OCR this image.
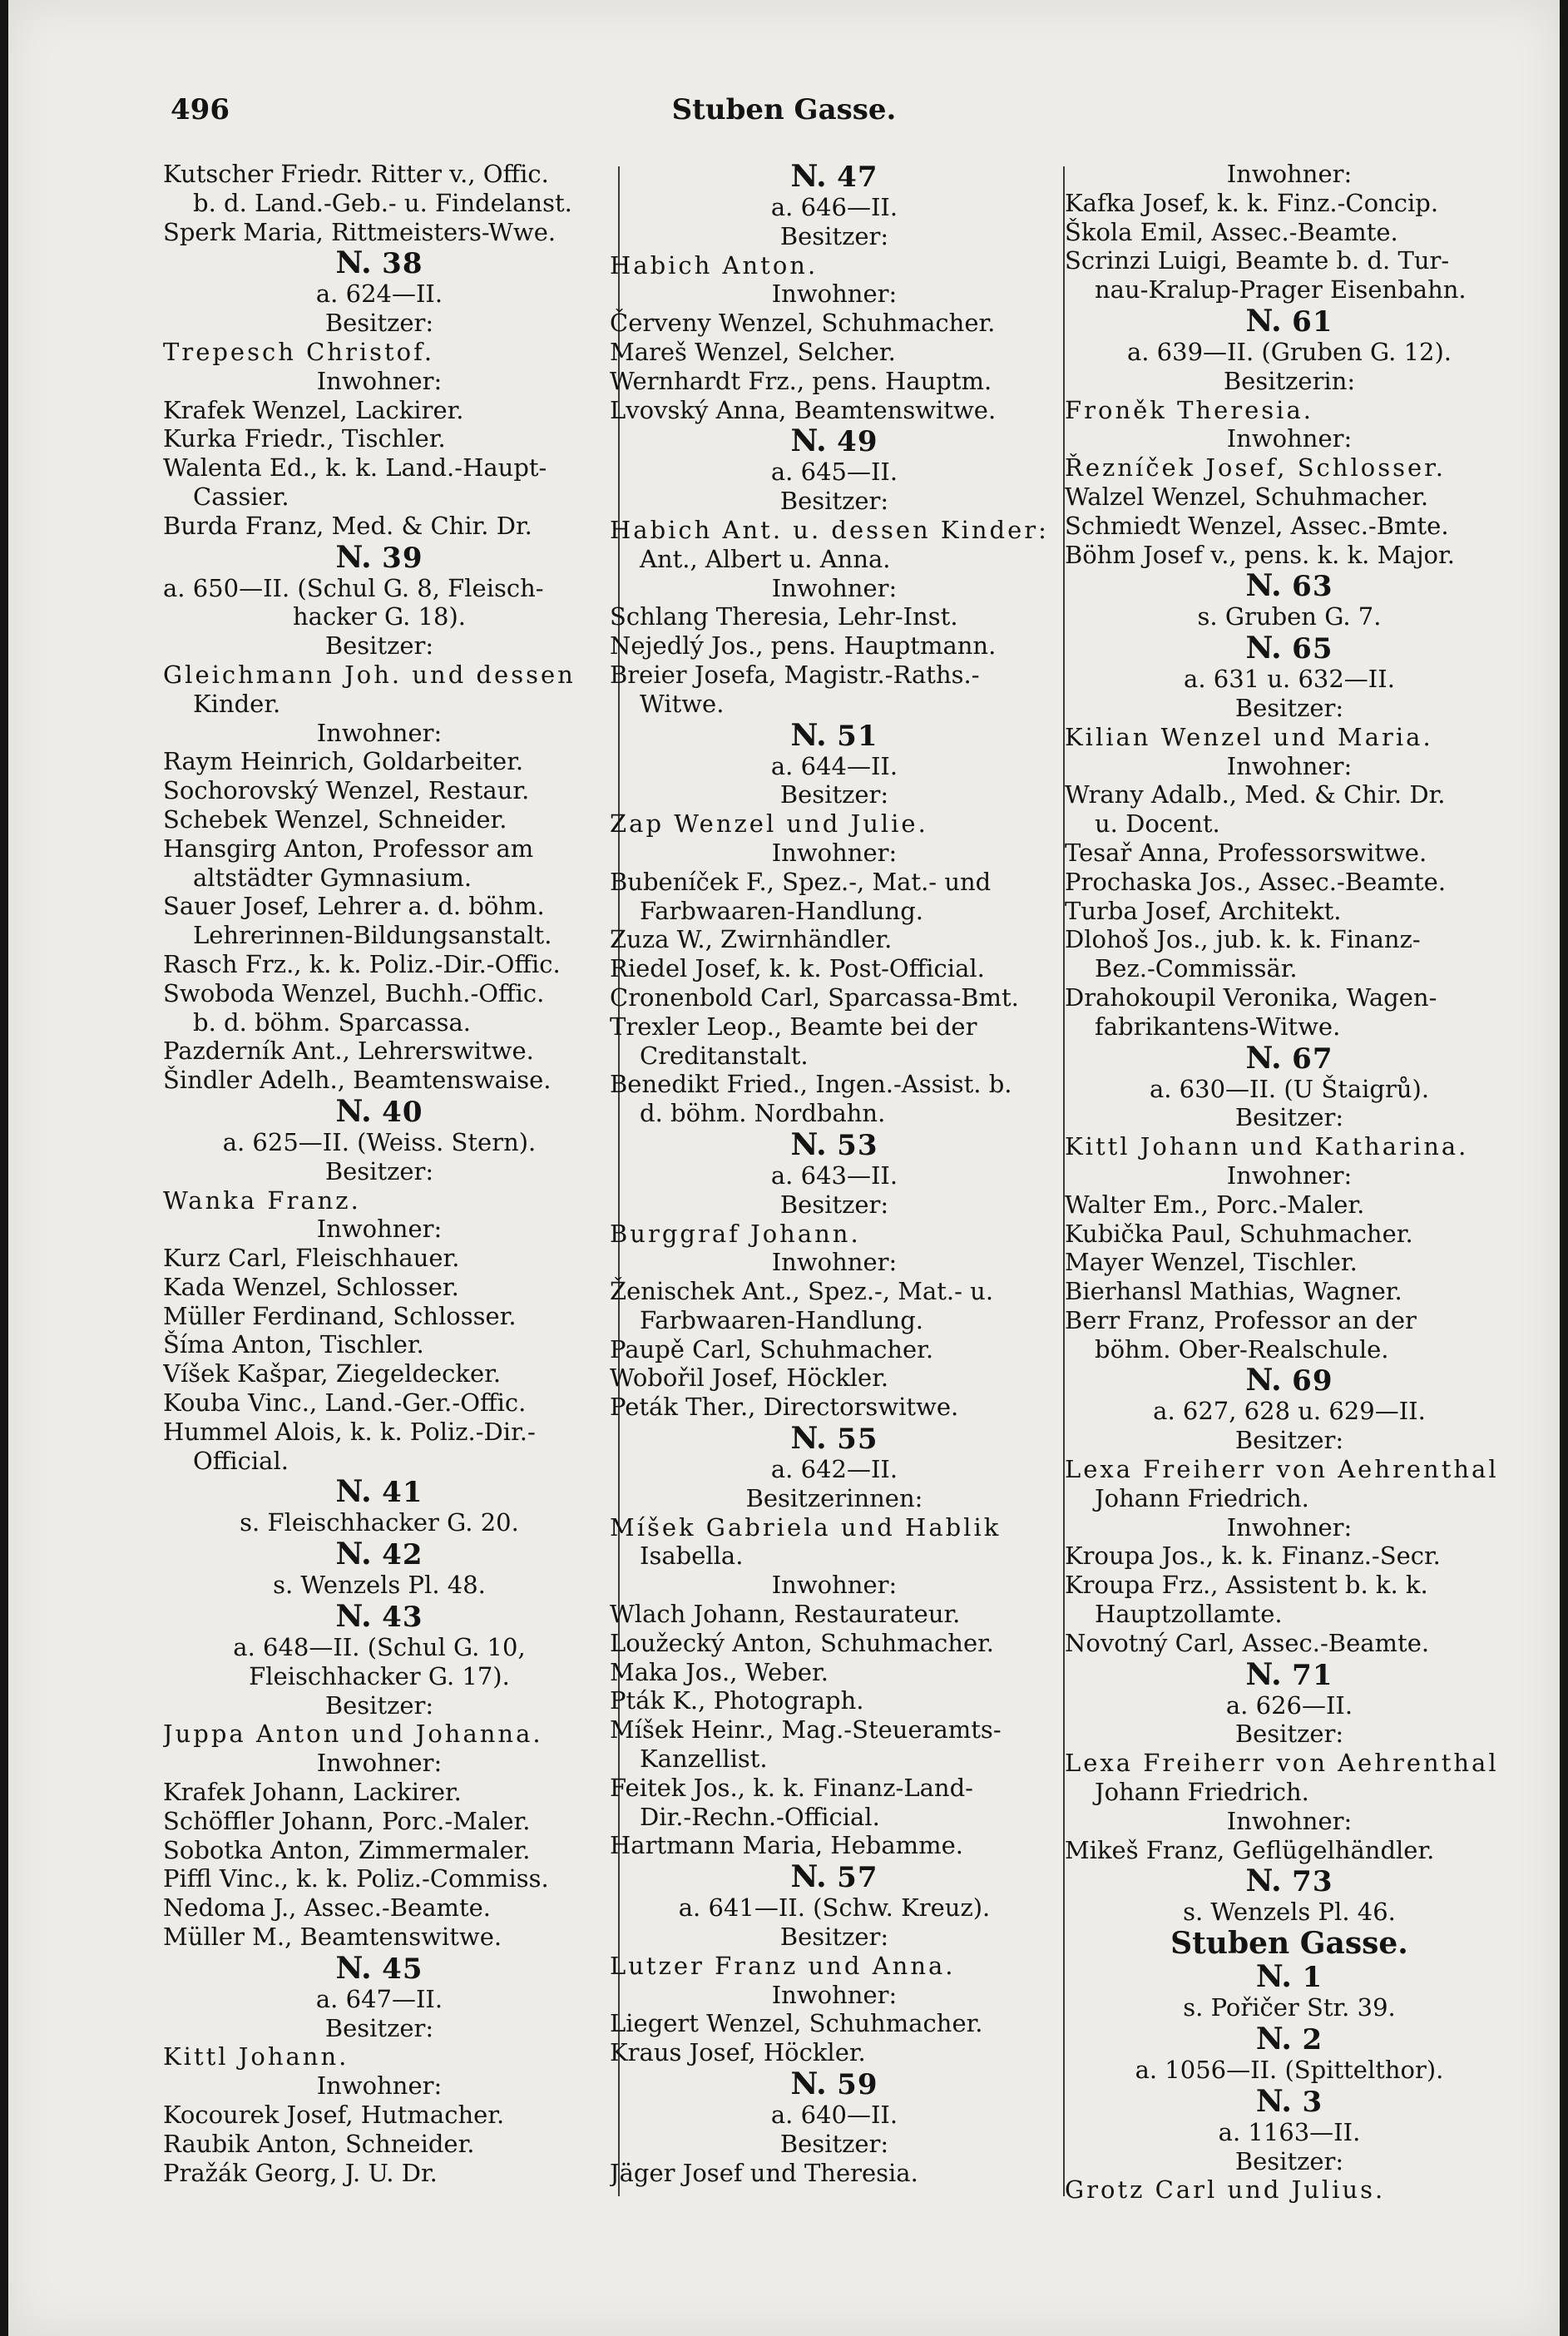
496	Stuben Gasse.
Kutscher Friedr. Ritter v., Offic.
b. d. Land.-Geb.- u. Findelanst.
Sperk Maria, Rittmeisters-Wwe.
N. 38
a. 624—II.
Besitzer:
Trepesch Christof.
Inwohner:
Krafek Wenzel, Lackirer.
Kurka Friedr., Tischler.
Walenta Ed., k. k. Land.-Haupt-
Cassier.
Burda Franz, Med. & Chir. Dr.
N. 39
a. 650—II. (Schul G. 8, Fleisch-
hacker G. 18).
Besitzer:
Gleichmann Joh. und dessen
Kinder.
Inwohner:
Raym Heinrich, Goldarbeiter.
Sochorovský Wenzel, Restaur.
Schebek Wenzel, Schneider.
Hansgirg Anton, Professor am
altstädter Gymnasium.
Sauer Josef, Lehrer a. d. böhm.
Lehrerinnen-Bildungsanstalt.
Rasch Frz., k. k. Poliz.-Dir.-Offic.
Swoboda Wenzel, Buchh.-Offic.
b. d. böhm. Sparcassa.
Pazderník Ant., Lehrerswitwe.
Šindler Adelh., Beamtenswaise.
N. 40
a. 625—II. (Weiss. Stern).
Besitzer:
Wanka Franz.
Inwohner:
Kurz Carl, Fleischhauer.
Kada Wenzel, Schlosser.
Müller Ferdinand, Schlosser.
Šíma Anton, Tischler.
Víšek Kašpar, Ziegeldecker.
Kouba Vinc., Land.-Ger.-Offic.
Hummel Alois, k. k. Poliz.-Dir.-
Official.
N. 41
s. Fleischhacker G. 20.
N. 42
s. Wenzels Pl. 48.
N. 43
a. 648—II. (Schul G. 10,
Fleischhacker G. 17).
Besitzer:
Juppa Anton und Johanna.
Inwohner:
Krafek Johann, Lackirer.
Schöffler Johann, Porc.-Maler.
Sobotka Anton, Zimmermaler.
Piffl Vinc., k. k. Poliz.-Commiss.
Nedoma J., Assec.-Beamte.
Müller M., Beamtenswitwe.
N. 45
a. 647—II.
Besitzer:
Kittl Johann.
Inwohner:
Kocourek Josef, Hutmacher.
Raubik Anton, Schneider.
Pražák Georg, J. U. Dr.
N. 47
a. 646—II.
Besitzer:
Habich Anton.
Inwohner:
Červeny Wenzel, Schuhmacher.
Mareš Wenzel, Selcher.
Wernhardt Frz., pens. Hauptm.
Lvovský Anna, Beamtenswitwe.
N. 49
a. 645—II.
Besitzer:
Habich Ant. u. dessen Kinder:
Ant., Albert u. Anna.
Inwohner:
Schlang Theresia, Lehr-Inst.
Nejedlý Jos., pens. Hauptmann.
Breier Josefa, Magistr.-Raths.-
Witwe.
N. 51
a. 644—II.
Besitzer:
Zap Wenzel und Julie.
Inwohner:
Bubeníček F., Spez.-, Mat.- und
Farbwaaren-Handlung.
Zuza W., Zwirnhändler.
Riedel Josef, k. k. Post-Official.
Cronenbold Carl, Sparcassa-Bmt.
Trexler Leop., Beamte bei der
Creditanstalt.
Benedikt Fried., Ingen.-Assist. b.
d. böhm. Nordbahn.
N. 53
a. 643—II.
Besitzer:
Burggraf Johann.
Inwohner:
Ženischek Ant., Spez.-, Mat.- u.
Farbwaaren-Handlung.
Paupě Carl, Schuhmacher.
Wobořil Josef, Höckler.
Peták Ther., Directorswitwe.
N. 55
a. 642—II.
Besitzerinnen:
Míšek Gabriela und Hablik
Isabella.
Inwohner:
Wlach Johann, Restaurateur.
Loužecký Anton, Schuhmacher.
Maka Jos., Weber.
Pták K., Photograph.
Míšek Heinr., Mag.-Steueramts-
Kanzellist.
Feitek Jos., k. k. Finanz-Land-
Dir.-Rechn.-Official.
Hartmann Maria, Hebamme.
N. 57
a. 641—II. (Schw. Kreuz).
Besitzer:
Lutzer Franz und Anna.
Inwohner:
Liegert Wenzel, Schuhmacher.
Kraus Josef, Höckler.
N. 59
a. 640—II.
Besitzer:
Jäger Josef und Theresia.
Inwohner:
Kafka Josef, k. k. Finz.-Concip.
Škola Emil, Assec.-Beamte.
Scrinzi Luigi, Beamte b. d. Tur-
nau-Kralup-Prager Eisenbahn.
N. 61
a. 639—II. (Gruben G. 12).
Besitzerin:
Froněk Theresia.
Inwohner:
Řezníček Josef, Schlosser.
Walzel Wenzel, Schuhmacher.
Schmiedt Wenzel, Assec.-Bmte.
Böhm Josef v., pens. k. k. Major.
N. 63
s. Gruben G. 7.
N. 65
a. 631 u. 632—II.
Besitzer:
Kilian Wenzel und Maria.
Inwohner:
Wrany Adalb., Med. & Chir. Dr.
u. Docent.
Tesař Anna, Professorswitwe.
Prochaska Jos., Assec.-Beamte.
Turba Josef, Architekt.
Dlohoš Jos., jub. k. k. Finanz-
Bez.-Commissär.
Drahokoupil Veronika, Wagen-
fabrikantens-Witwe.
N. 67
a. 630—II. (U Štaigrů).
Besitzer:
Kittl Johann und Katharina.
Inwohner:
Walter Em., Porc.-Maler.
Kubička Paul, Schuhmacher.
Mayer Wenzel, Tischler.
Bierhansl Mathias, Wagner.
Berr Franz, Professor an der
böhm. Ober-Realschule.
N. 69
a. 627, 628 u. 629—II.
Besitzer:
Lexa Freiherr von Aehrenthal
Johann Friedrich.
Inwohner:
Kroupa Jos., k. k. Finanz.-Secr.
Kroupa Frz., Assistent b. k. k.
Hauptzollamte.
Novotný Carl, Assec.-Beamte.
N. 71
a. 626—II.
Besitzer:
Lexa Freiherr von Aehrenthal
Johann Friedrich.
Inwohner:
Mikeš Franz, Geflügelhändler.
N. 73
s. Wenzels Pl. 46.
Stuben Gasse.
N. 1
s. Pořičer Str. 39.
N. 2
a. 1056—II. (Spittelthor).
N. 3
a. 1163—II.
Besitzer:
Grotz Carl und Julius.
